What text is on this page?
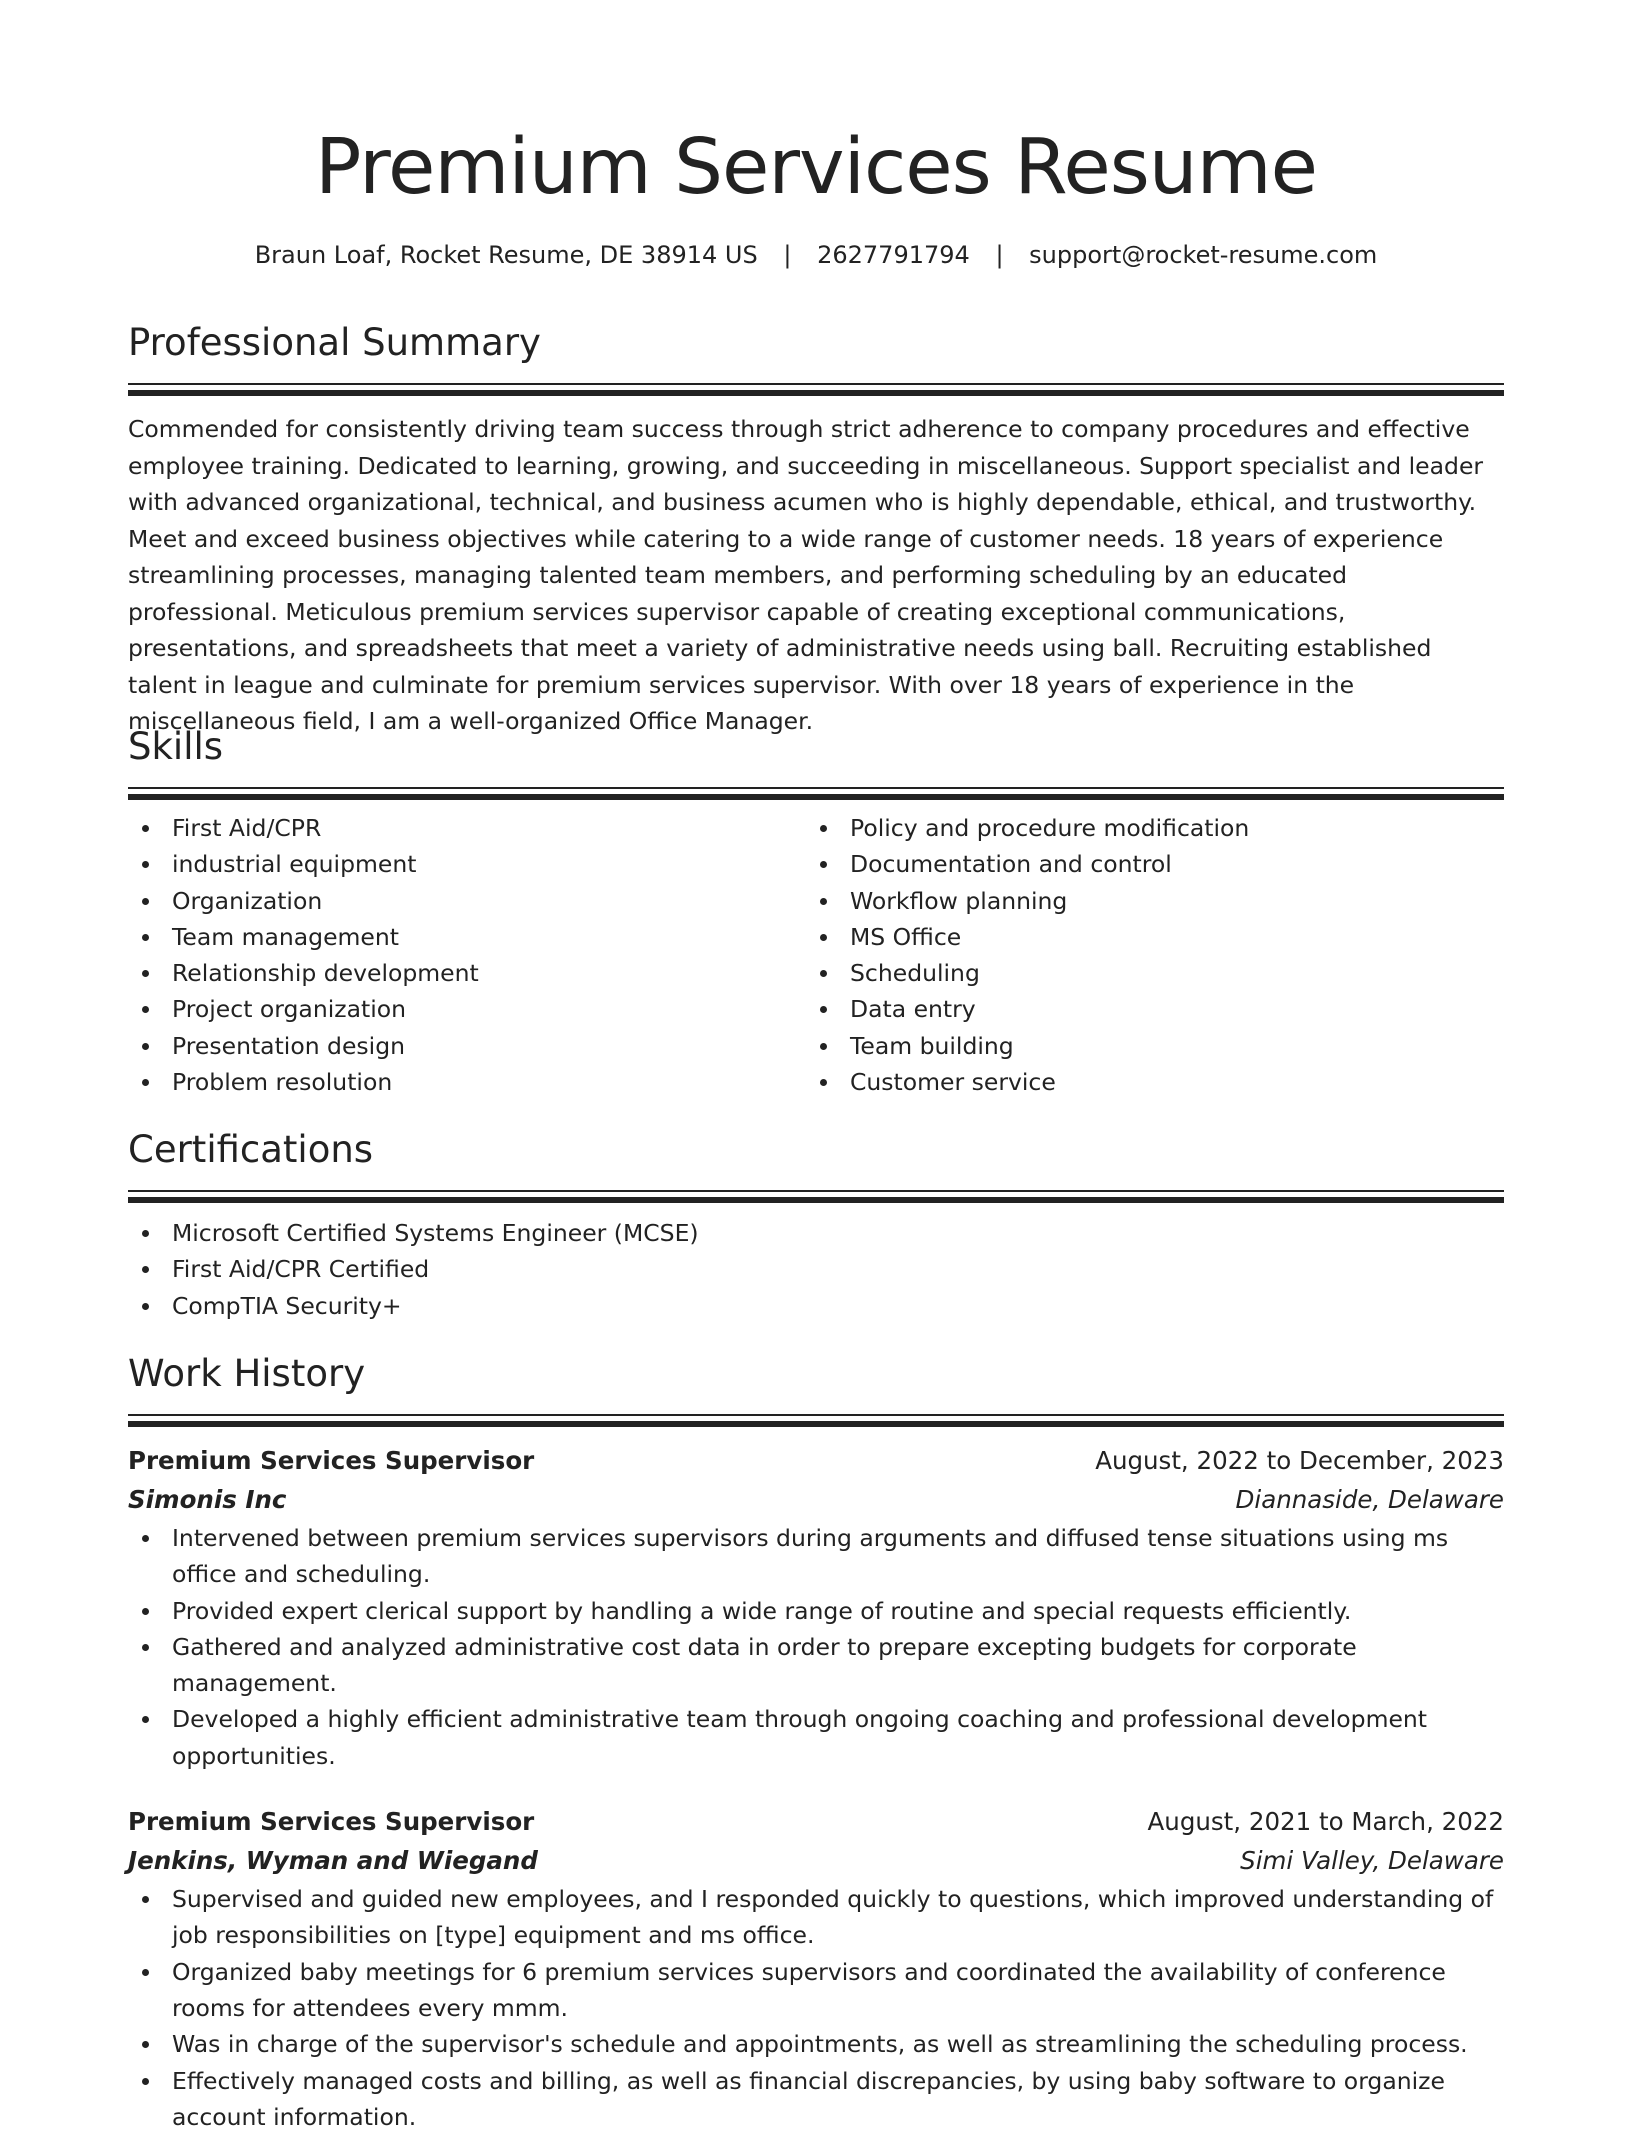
Premium Services Resume
Braun Loaf, Rocket Resume, DE 38914 US | 2627791794 | support@rocket-resume.com
Professional Summary
Commended for consistently driving team success through strict adherence to company procedures and effective employee training. Dedicated to learning, growing, and succeeding in miscellaneous. Support specialist and leader with advanced organizational, technical, and business acumen who is highly dependable, ethical, and trustworthy. Meet and exceed business objectives while catering to a wide range of customer needs. 18 years of experience streamlining processes, managing talented team members, and performing scheduling by an educated professional. Meticulous premium services supervisor capable of creating exceptional communications, presentations, and spreadsheets that meet a variety of administrative needs using ball. Recruiting established talent in league and culminate for premium services supervisor. With over 18 years of experience in the miscellaneous field, I am a well-organized Office Manager.
Skills
First Aid/CPR
industrial equipment
Organization
Team management
Relationship development
Project organization
Presentation design
Problem resolution
Policy and procedure modification
Documentation and control
Workflow planning
MS Office
Scheduling
Data entry
Team building
Customer service
Certifications
Microsoft Certified Systems Engineer (MCSE)
First Aid/CPR Certified
CompTIA Security+
Work History
Premium Services Supervisor	August, 2022 to December, 2023
Simonis Inc	Diannaside, Delaware
Intervened between premium services supervisors during arguments and diffused tense situations using ms office and scheduling.
Provided expert clerical support by handling a wide range of routine and special requests efficiently.
Gathered and analyzed administrative cost data in order to prepare excepting budgets for corporate management.
Developed a highly efficient administrative team through ongoing coaching and professional development opportunities.
Premium Services Supervisor	August, 2021 to March, 2022
Jenkins, Wyman and Wiegand	Simi Valley, Delaware
Supervised and guided new employees, and I responded quickly to questions, which improved understanding of job responsibilities on [type] equipment and ms office.
Organized baby meetings for 6 premium services supervisors and coordinated the availability of conference rooms for attendees every mmm.
Was in charge of the supervisor's schedule and appointments, as well as streamlining the scheduling process.
Effectively managed costs and billing, as well as financial discrepancies, by using baby software to organize account information.
